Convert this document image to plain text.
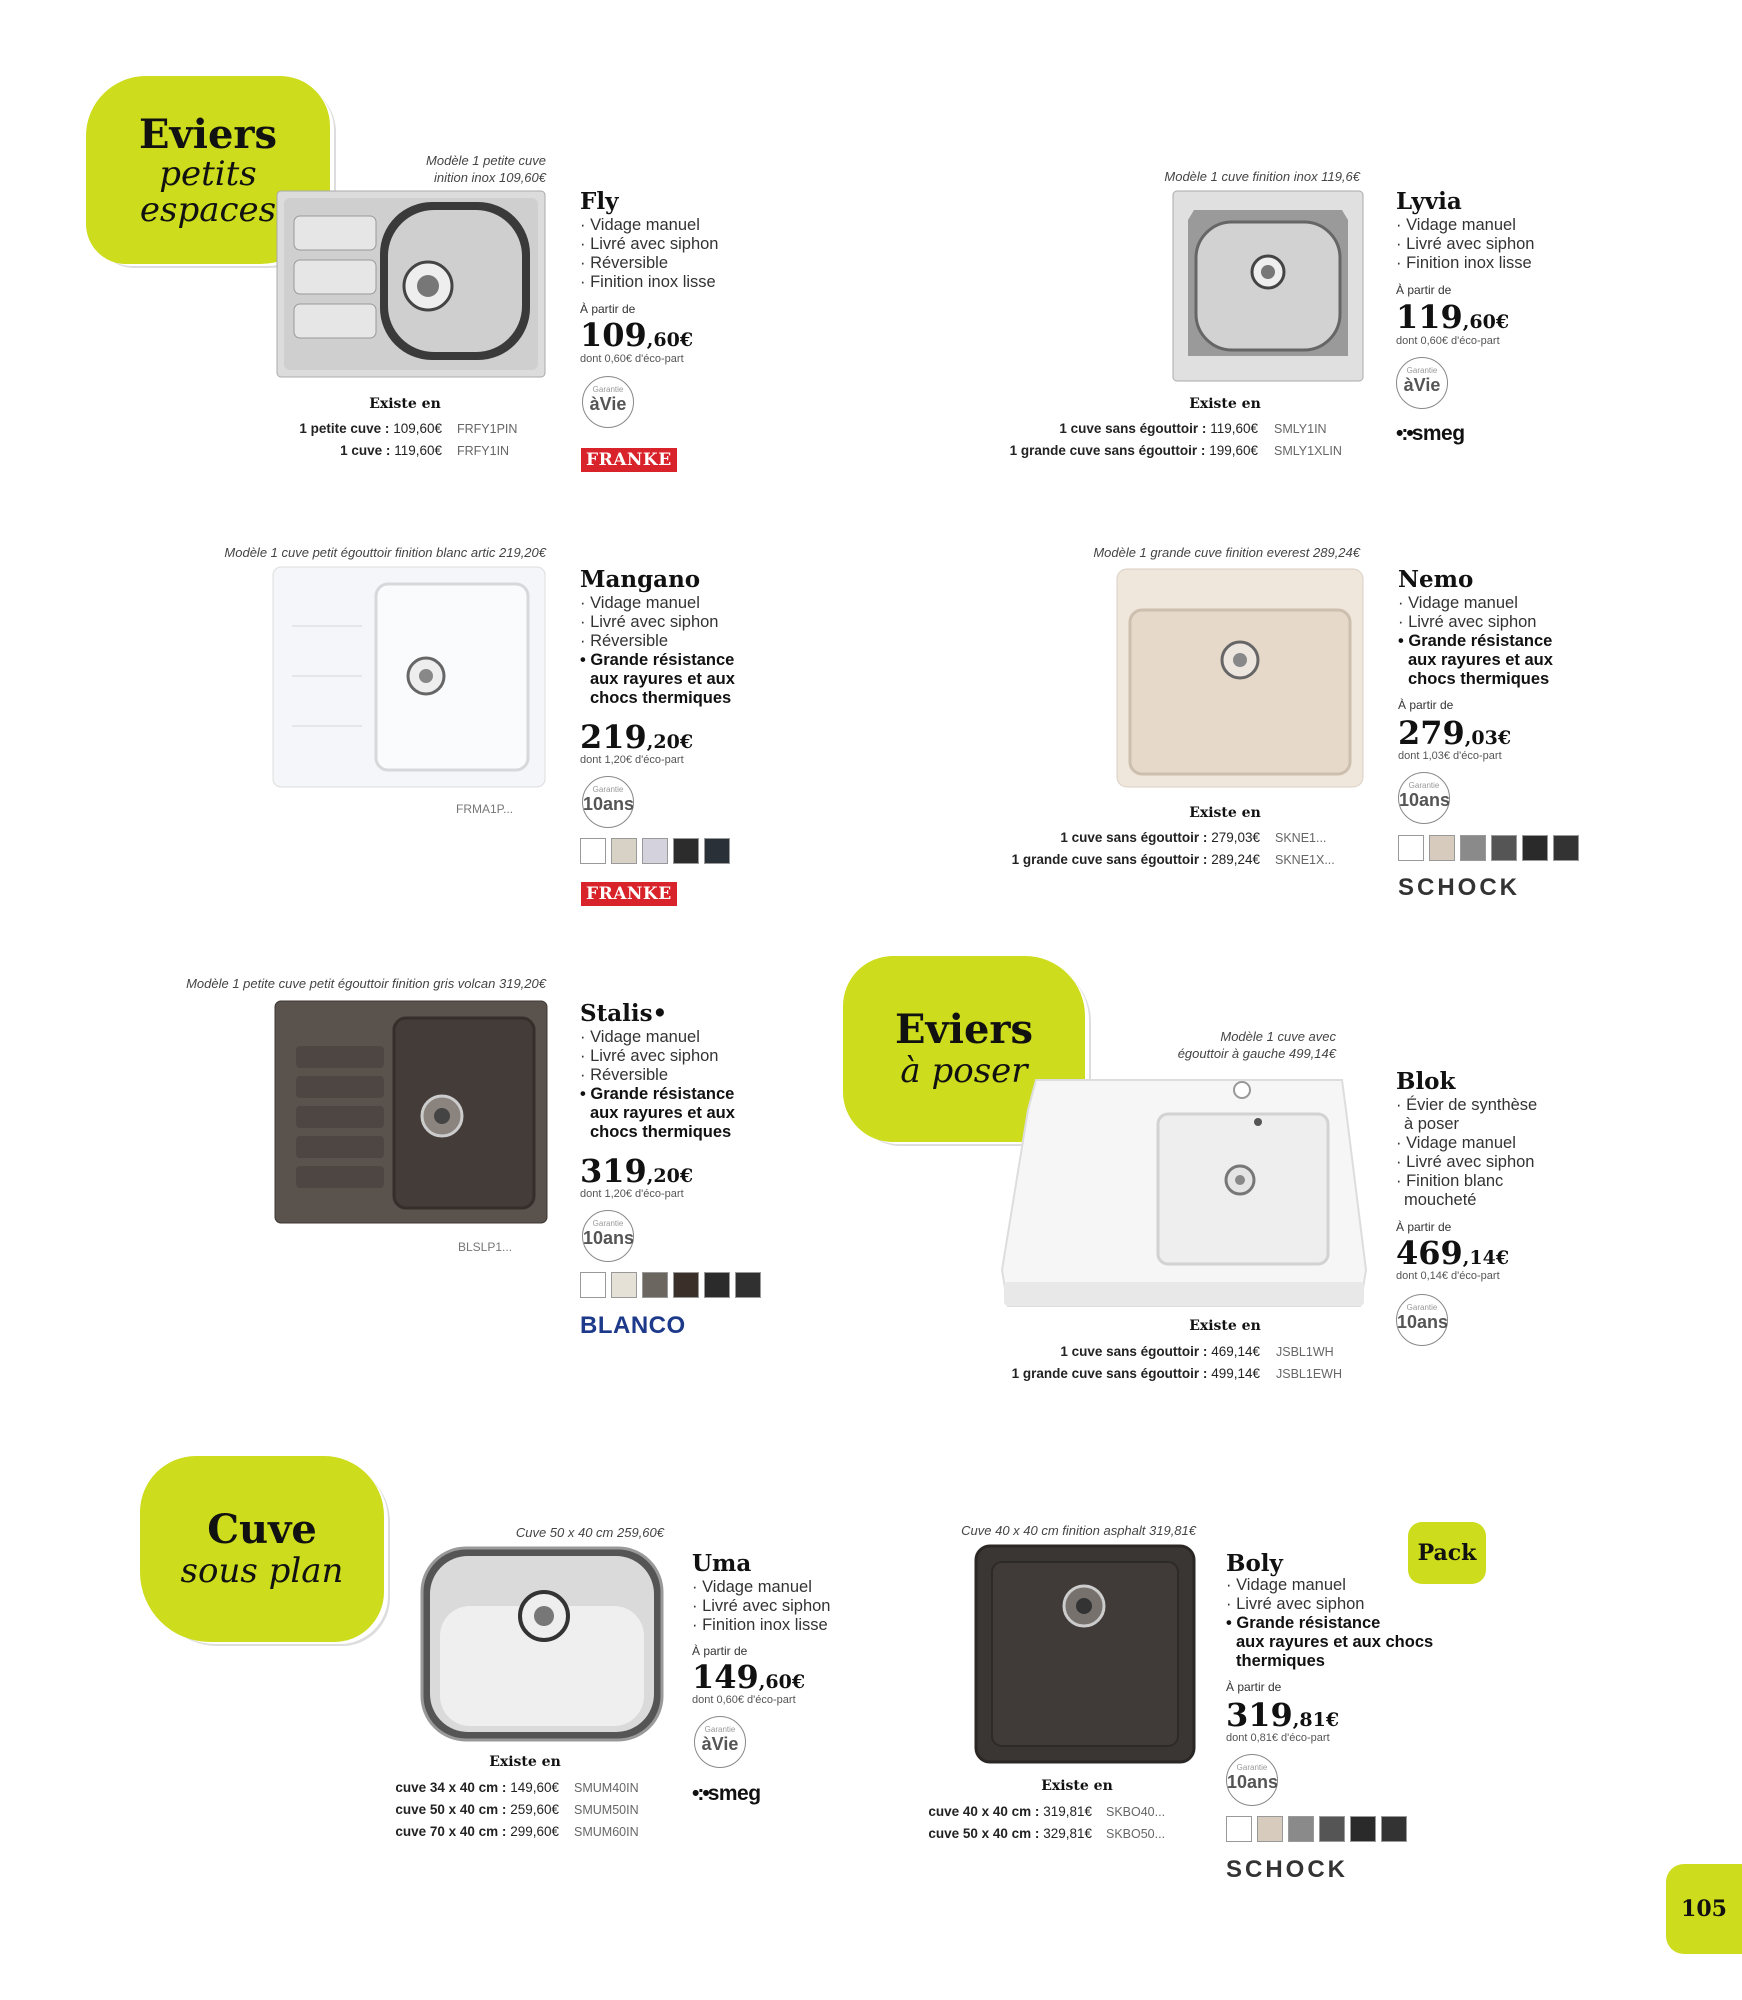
Eviers
petits
espaces
Eviers
à poser
Cuve
sous plan
Modèle 1 petite cuve
inition inox 109,60€
Fly
· Vidage manuel
· Livré avec siphon
· Réversible
· Finition inox lisse
À partir de
109,60€
dont 0,60€ d'éco-part
Garantie
àVie
Existe en
1 petite cuve : 109,60€ FRFY1PIN
1 cuve : 119,60€ FRFY1IN	FRANKE
Modèle 1 cuve finition inox 119,6€
Lyvia
· Vidage manuel
· Livré avec siphon
· Finition inox lisse
À partir de
119,60€
dont 0,60€ d'éco-part
Garantie
àVie
Existe en
1 cuve sans égouttoir : 119,60€ SMLY1IN
1 grande cuve sans égouttoir : 199,60€ SMLY1XLIN
•:•smeg
Modèle 1 cuve petit égouttoir finition blanc artic 219,20€
FRMA1P...
Mangano
· Vidage manuel
· Livré avec siphon
· Réversible
• Grande résistance
aux rayures et aux
chocs thermiques
219,20€
dont 1,20€ d'éco-part
Garantie
10ans
FRANKE
Modèle 1 grande cuve finition everest 289,24€
Nemo
· Vidage manuel
· Livré avec siphon
• Grande résistance
aux rayures et aux
chocs thermiques
À partir de
279,03€
dont 1,03€ d'éco-part
Garantie
10ans
Existe en
1 cuve sans égouttoir : 279,03€ SKNE1...
1 grande cuve sans égouttoir : 289,24€ SKNE1X...
SCHOCK
Modèle 1 petite cuve petit égouttoir finition gris volcan 319,20€
BLSLP1...
Stalis•
· Vidage manuel
· Livré avec siphon
· Réversible
• Grande résistance
aux rayures et aux
chocs thermiques
319,20€
dont 1,20€ d'éco-part
Garantie
10ans
BLANCO
Modèle 1 cuve avec
égouttoir à gauche 499,14€
Blok
· Évier de synthèse
à poser
· Vidage manuel
· Livré avec siphon
· Finition blanc
moucheté
À partir de
469,14€
dont 0,14€ d'éco-part
Garantie
10ans
Existe en
1 cuve sans égouttoir : 469,14€ JSBL1WH
1 grande cuve sans égouttoir : 499,14€ JSBL1EWH
Cuve 50 x 40 cm 259,60€
Uma
· Vidage manuel
· Livré avec siphon
· Finition inox lisse
À partir de
149,60€
dont 0,60€ d'éco-part
Garantie
àVie
•:•smeg
Existe en
cuve 34 x 40 cm : 149,60€ SMUM40IN
cuve 50 x 40 cm : 259,60€ SMUM50IN
cuve 70 x 40 cm : 299,60€ SMUM60IN
Cuve 40 x 40 cm finition asphalt 319,81€
Pack
Boly
· Vidage manuel
· Livré avec siphon
• Grande résistance
aux rayures et aux chocs
thermiques
À partir de
319,81€
dont 0,81€ d'éco-part
Garantie
10ans
SCHOCK
Existe en
cuve 40 x 40 cm : 319,81€ SKBO40...
cuve 50 x 40 cm : 329,81€ SKBO50...
105
